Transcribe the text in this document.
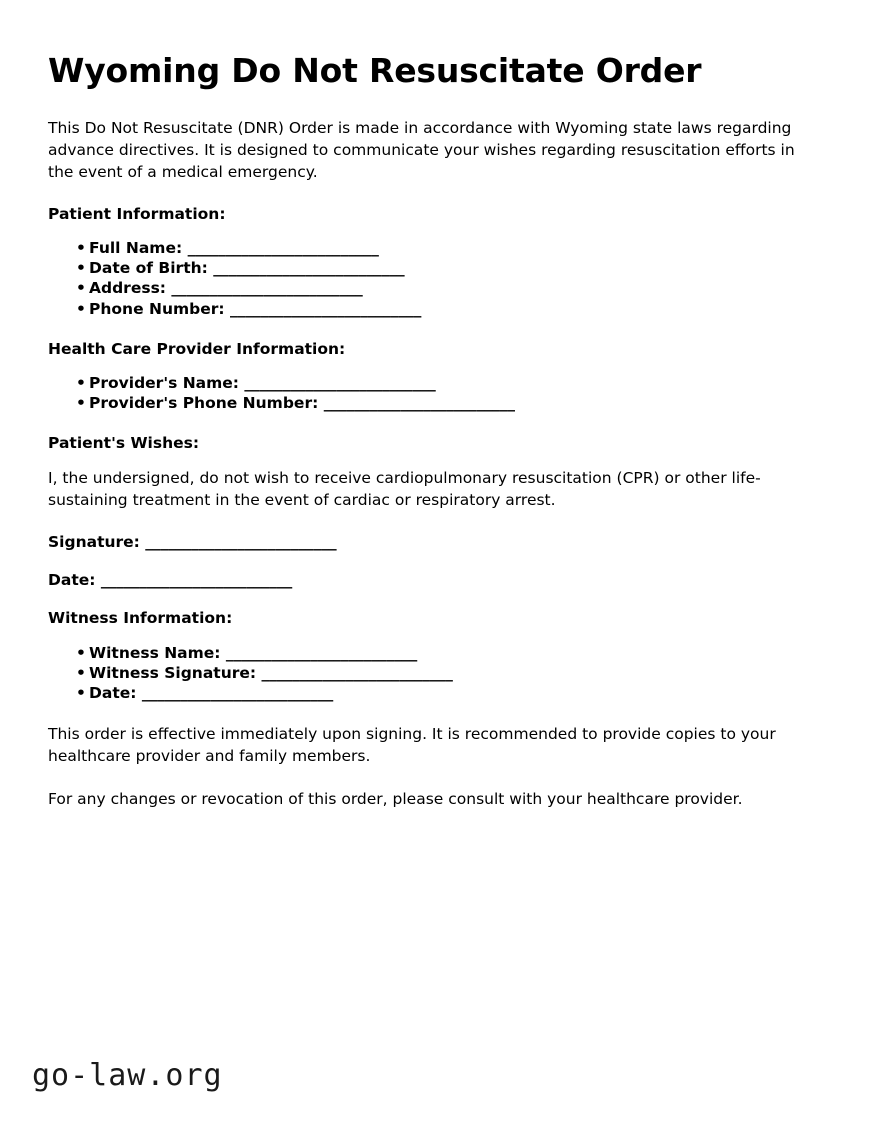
Wyoming Do Not Resuscitate Order

This Do Not Resuscitate (DNR) Order is made in accordance with Wyoming state laws regarding advance directives. It is designed to communicate your wishes regarding resuscitation efforts in the event of a medical emergency.

Patient Information:
• Full Name: _________________________
• Date of Birth: _________________________
• Address: _________________________
• Phone Number: _________________________
Health Care Provider Information:
• Provider's Name: _________________________
• Provider's Phone Number: _________________________
Patient's Wishes:

I, the undersigned, do not wish to receive cardiopulmonary resuscitation (CPR) or other life-sustaining treatment in the event of cardiac or respiratory arrest.

Signature: _________________________

Date: _________________________

Witness Information:
• Witness Name: _________________________
• Witness Signature: _________________________
• Date: _________________________

This order is effective immediately upon signing. It is recommended to provide copies to your healthcare provider and family members.

For any changes or revocation of this order, please consult with your healthcare provider.

go-law.org
